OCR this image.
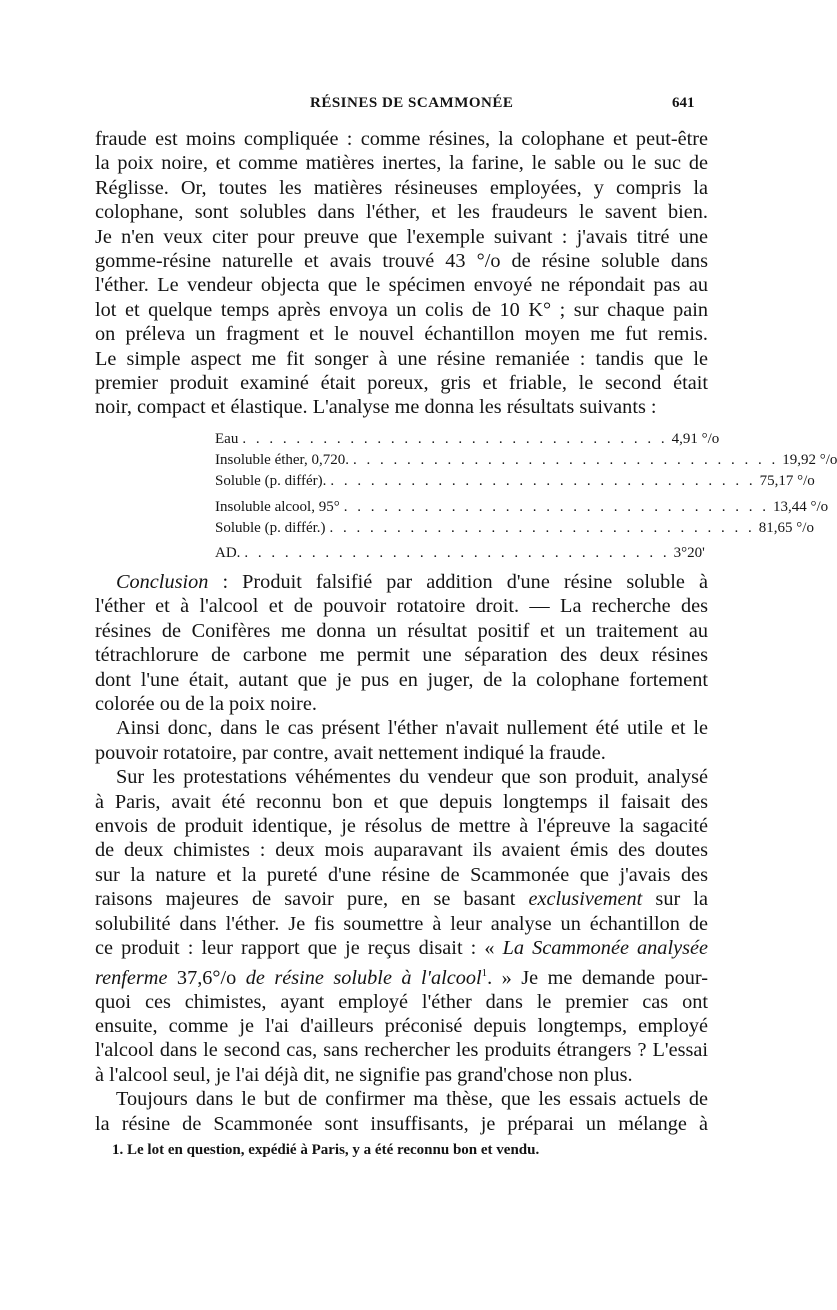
RÉSINES DE SCAMMONÉE	641

fraude est moins compliquée : comme résines, la colophane et peut-être
la poix noire, et comme matières inertes, la farine, le sable ou le suc de
Réglisse. Or, toutes les matières résineuses employées, y compris la
colophane, sont solubles dans l'éther, et les fraudeurs le savent bien.
Je n'en veux citer pour preuve que l'exemple suivant : j'avais titré une
gomme-résine naturelle et avais trouvé 43 °/o de résine soluble dans
l'éther. Le vendeur objecta que le spécimen envoyé ne répondait pas au
lot et quelque temps après envoya un colis de 10 K° ; sur chaque pain
on préleva un fragment et le nouvel échantillon moyen me fut remis.
Le simple aspect me fit songer à une résine remaniée : tandis que le
premier produit examiné était poreux, gris et friable, le second était
noir, compact et élastique. L'analyse me donna les résultats suivants :

Eau . . . . . . . . . . . . . . . . . . . . . . . . . . . . . . . . 4,91 °/o
Insoluble éther, 0,720. . . . . . . . . . . . . . . . . . . . . . . . . . . . . . . . . 19,92 °/o
Soluble (p. différ). . . . . . . . . . . . . . . . . . . . . . . . . . . . . . . . . 75,17 °/o
Insoluble alcool, 95° . . . . . . . . . . . . . . . . . . . . . . . . . . . . . . . . 13,44 °/o
Soluble (p. différ.) . . . . . . . . . . . . . . . . . . . . . . . . . . . . . . . . 81,65 °/o
AD. . . . . . . . . . . . . . . . . . . . . . . . . . . . . . . . . 3°20'

Conclusion : Produit falsifié par addition d'une résine soluble à
l'éther et à l'alcool et de pouvoir rotatoire droit. — La recherche des
résines de Conifères me donna un résultat positif et un traitement au
tétrachlorure de carbone me permit une séparation des deux résines
dont l'une était, autant que je pus en juger, de la colophane fortement
colorée ou de la poix noire.

Ainsi donc, dans le cas présent l'éther n'avait nullement été utile et le
pouvoir rotatoire, par contre, avait nettement indiqué la fraude.

Sur les protestations véhémentes du vendeur que son produit, analysé
à Paris, avait été reconnu bon et que depuis longtemps il faisait des
envois de produit identique, je résolus de mettre à l'épreuve la sagacité
de deux chimistes : deux mois auparavant ils avaient émis des doutes
sur la nature et la pureté d'une résine de Scammonée que j'avais des
raisons majeures de savoir pure, en se basant exclusivement sur la
solubilité dans l'éther. Je fis soumettre à leur analyse un échantillon de
ce produit : leur rapport que je reçus disait : « La Scammonée analysée
renferme 37,6°/o de résine soluble à l'alcool$^1$. » Je me demande pour-
quoi ces chimistes, ayant employé l'éther dans le premier cas ont
ensuite, comme je l'ai d'ailleurs préconisé depuis longtemps, employé
l'alcool dans le second cas, sans rechercher les produits étrangers ? L'essai
à l'alcool seul, je l'ai déjà dit, ne signifie pas grand'chose non plus.

Toujours dans le but de confirmer ma thèse, que les essais actuels de
la résine de Scammonée sont insuffisants, je préparai un mélange à

1. Le lot en question, expédié à Paris, y a été reconnu bon et vendu.
